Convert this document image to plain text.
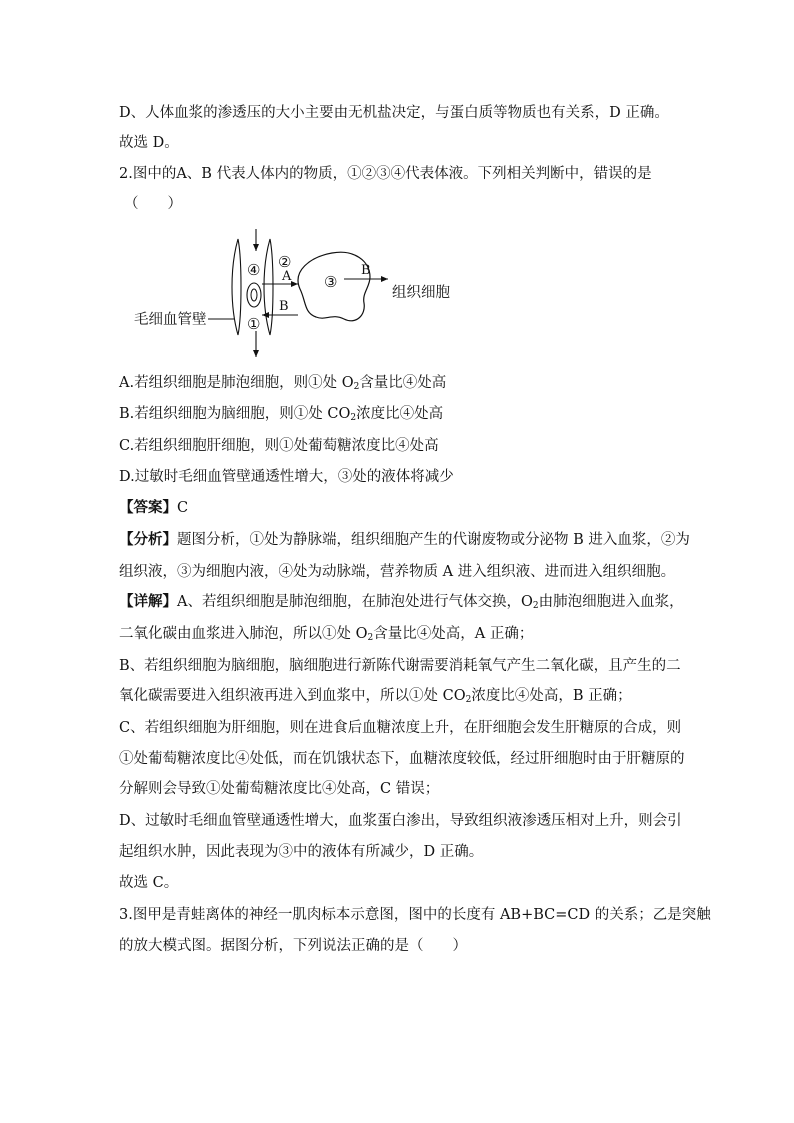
D、人体血浆的渗透压的大小主要由无机盐决定，与蛋白质等物质也有关系，D 正确。
故选 D。
2.图中的A、B 代表人体内的物质，①②③④代表体液。下列相关判断中，错误的是
（　　）
④
①
②
A
B
③
B
组织细胞
毛细血管壁
A.若组织细胞是肺泡细胞，则①处 $O_2$含量比④处高
B.若组织细胞为脑细胞，则①处 $CO_2$浓度比④处高
C.若组织细胞肝细胞，则①处葡萄糖浓度比④处高
D.过敏时毛细血管壁通透性增大，③处的液体将减少
【答案】C
【分析】题图分析，①处为静脉端，组织细胞产生的代谢废物或分泌物 B 进入血浆，②为
组织液，③为细胞内液，④处为动脉端，营养物质 A 进入组织液、进而进入组织细胞。
【详解】A、若组织细胞是肺泡细胞，在肺泡处进行气体交换，$O_2$由肺泡细胞进入血浆，
二氧化碳由血浆进入肺泡，所以①处 $O_2$含量比④处高，A 正确；
B、若组织细胞为脑细胞，脑细胞进行新陈代谢需要消耗氧气产生二氧化碳，且产生的二
氧化碳需要进入组织液再进入到血浆中，所以①处 $CO_2$浓度比④处高，B 正确；
C、若组织细胞为肝细胞，则在进食后血糖浓度上升，在肝细胞会发生肝糖原的合成，则
①处葡萄糖浓度比④处低，而在饥饿状态下，血糖浓度较低，经过肝细胞时由于肝糖原的
分解则会导致①处葡萄糖浓度比④处高，C 错误；
D、过敏时毛细血管壁通透性增大，血浆蛋白渗出，导致组织液渗透压相对上升，则会引
起组织水肿，因此表现为③中的液体有所减少，D 正确。
故选 C。
3.图甲是青蛙离体的神经一肌肉标本示意图，图中的长度有 AB+BC=CD 的关系；乙是突触
的放大模式图。据图分析，下列说法正确的是（　　）
